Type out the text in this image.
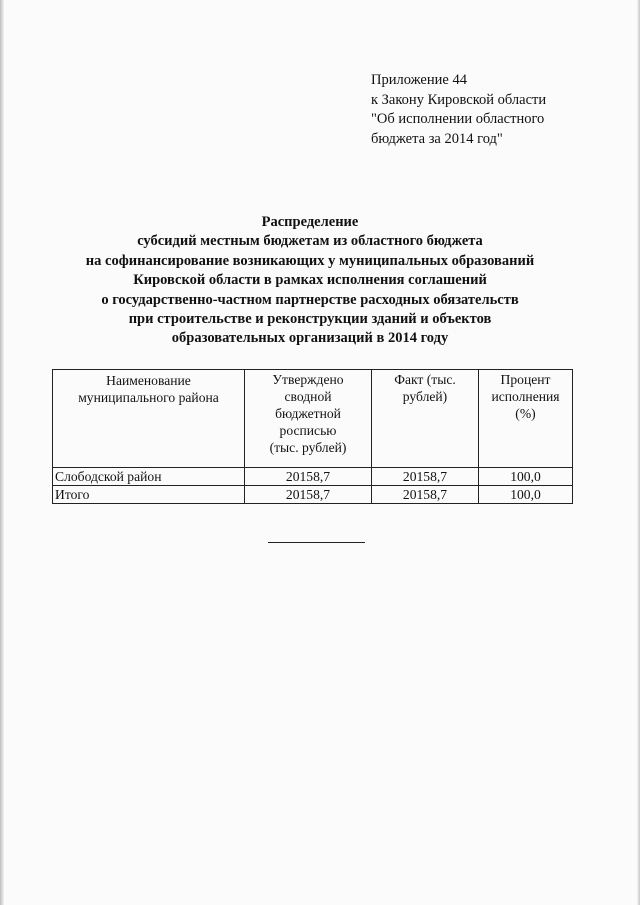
Приложение 44
к Закону Кировской области
"Об исполнении областного
бюджета за 2014 год"
Распределение
субсидий местным бюджетам из областного бюджета
на софинансирование возникающих у муниципальных образований
Кировской области в рамках исполнения соглашений
о государственно-частном партнерстве расходных обязательств
при строительстве и реконструкции зданий и объектов
образовательных организаций в 2014 году
Наименование муниципального района	Утверждено сводной бюджетной росписью (тыс. рублей)	Факт (тыс. рублей)	Процент исполнения (%)

Слободской район	20158,7	20158,7	100,0
Итого	20158,7	20158,7	100,0
